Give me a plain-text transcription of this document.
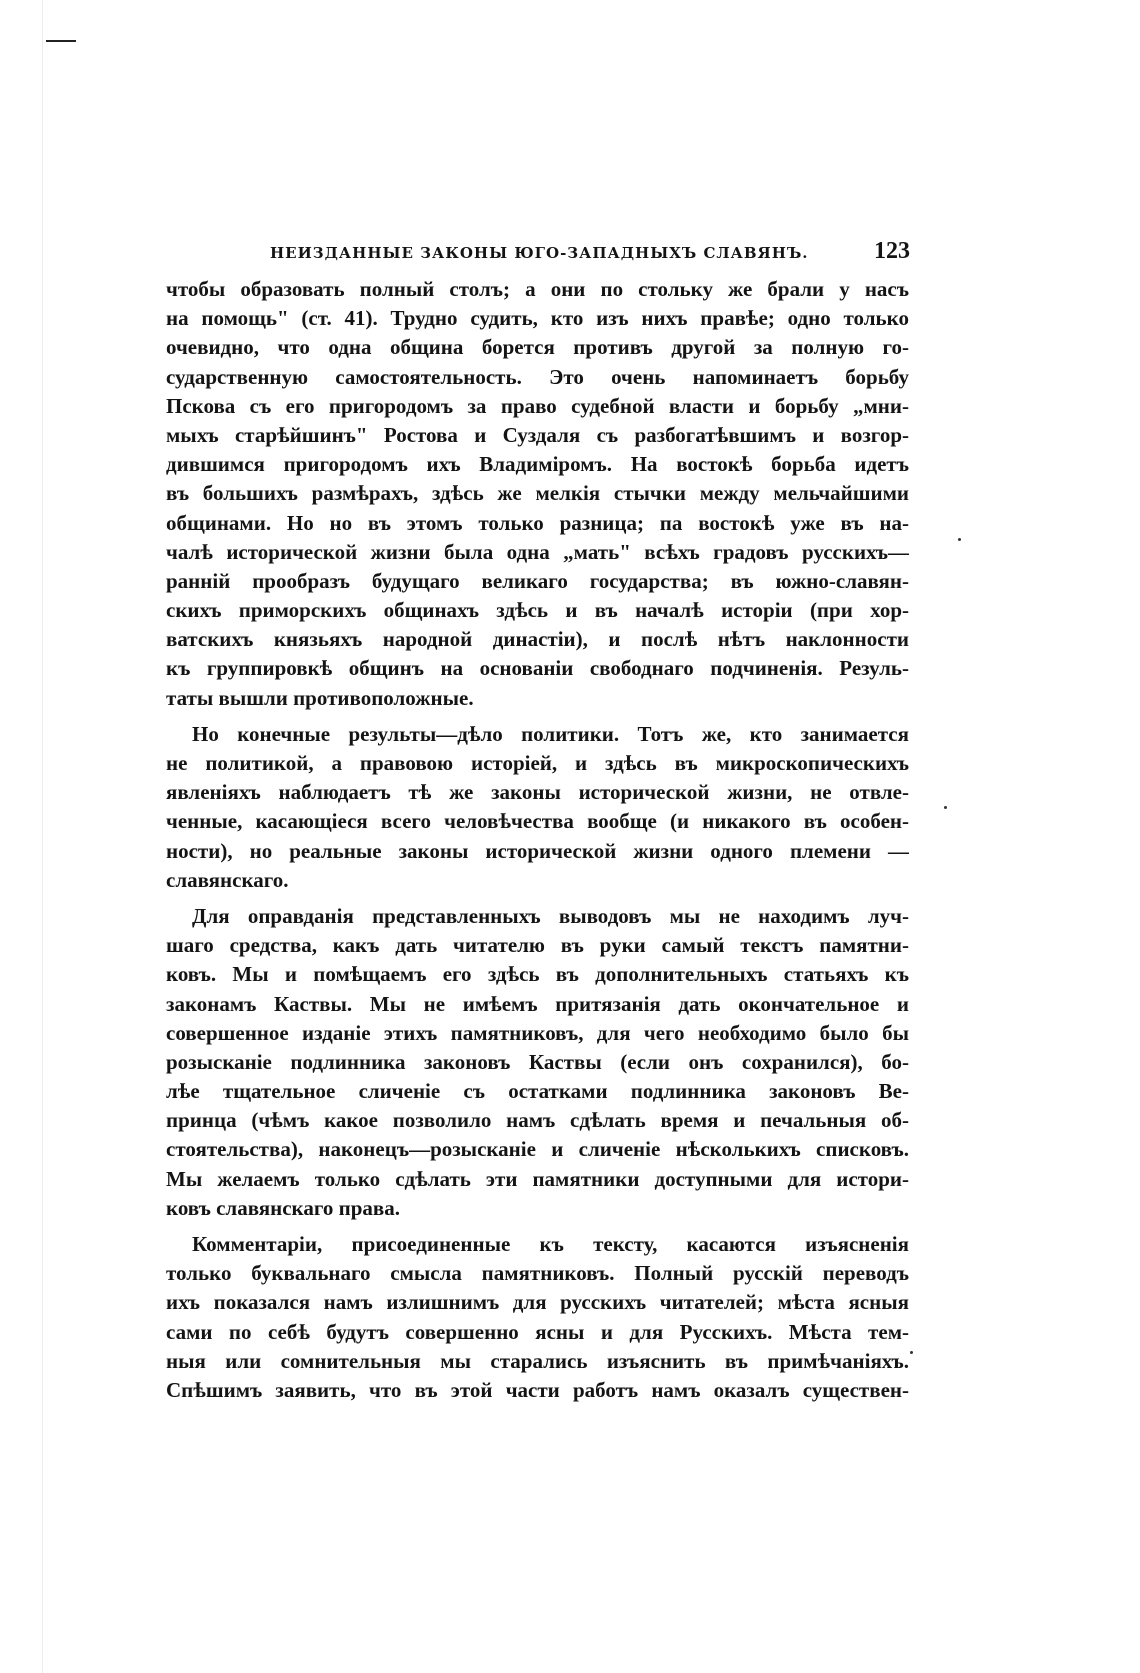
НЕИЗДАННЫЕ ЗАКОНЫ ЮГО-ЗАПАДНЫХЪ СЛАВЯНЪ.	123

чтобы образовать полный столъ; а они по стольку же брали у насъ
на помощь" (ст. 41). Трудно судить, кто изъ нихъ правѣе; одно только
очевидно, что одна община борется противъ другой за полную го-
сударственную самостоятельность. Это очень напоминаетъ борьбу
Пскова съ его пригородомъ за право судебной власти и борьбу „мни-
мыхъ старѣйшинъ" Ростова и Суздаля съ разбогатѣвшимъ и возгор-
дившимся пригородомъ ихъ Владиміромъ. На востокѣ борьба идетъ
въ большихъ размѣрахъ, здѣсь же мелкія стычки между мельчайшими
общинами. Но но въ этомъ только разница; па востокѣ уже въ на-
чалѣ исторической жизни была одна „мать" всѣхъ градовъ русскихъ—
ранній прообразъ будущаго великаго государства; въ южно-славян-
скихъ приморскихъ общинахъ здѣсь и въ началѣ исторіи (при хор-
ватскихъ князьяхъ народной династіи), и послѣ нѣтъ наклонности
къ группировкѣ общинъ на основаніи свободнаго подчиненія. Резуль-
таты вышли противоположные.

Но конечные результы—дѣло политики. Тотъ же, кто занимается
не политикой, а правовою исторіей, и здѣсь въ микроскопическихъ
явленіяхъ наблюдаетъ тѣ же законы исторической жизни, не отвле-
ченные, касающіеся всего человѣчества вообще (и никакого въ особен-
ности), но реальные законы исторической жизни одного племени —
славянскаго.

Для оправданія представленныхъ выводовъ мы не находимъ луч-
шаго средства, какъ дать читателю въ руки самый текстъ памятни-
ковъ. Мы и помѣщаемъ его здѣсь въ дополнительныхъ статьяхъ къ
законамъ Каствы. Мы не имѣемъ притязанія дать окончательное и
совершенное изданіе этихъ памятниковъ, для чего необходимо было бы
розысканіе подлинника законовъ Каствы (если онъ сохранился), бо-
лѣе тщательное сличеніе съ остатками подлинника законовъ Ве-
принца (чѣмъ какое позволило намъ сдѣлать время и печальныя об-
стоятельства), наконецъ—розысканіе и сличеніе нѣсколькихъ списковъ.
Мы желаемъ только сдѣлать эти памятники доступными для истори-
ковъ славянскаго права.

Комментаріи, присоединенные къ тексту, касаются изъясненія
только буквальнаго смысла памятниковъ. Полный русскій переводъ
ихъ показался намъ излишнимъ для русскихъ читателей; мѣста ясныя
сами по себѣ будутъ совершенно ясны и для Русскихъ. Мѣста тем-
ныя или сомнительныя мы старались изъяснить въ примѣчаніяхъ.
Спѣшимъ заявить, что въ этой части работъ намъ оказалъ существен-
